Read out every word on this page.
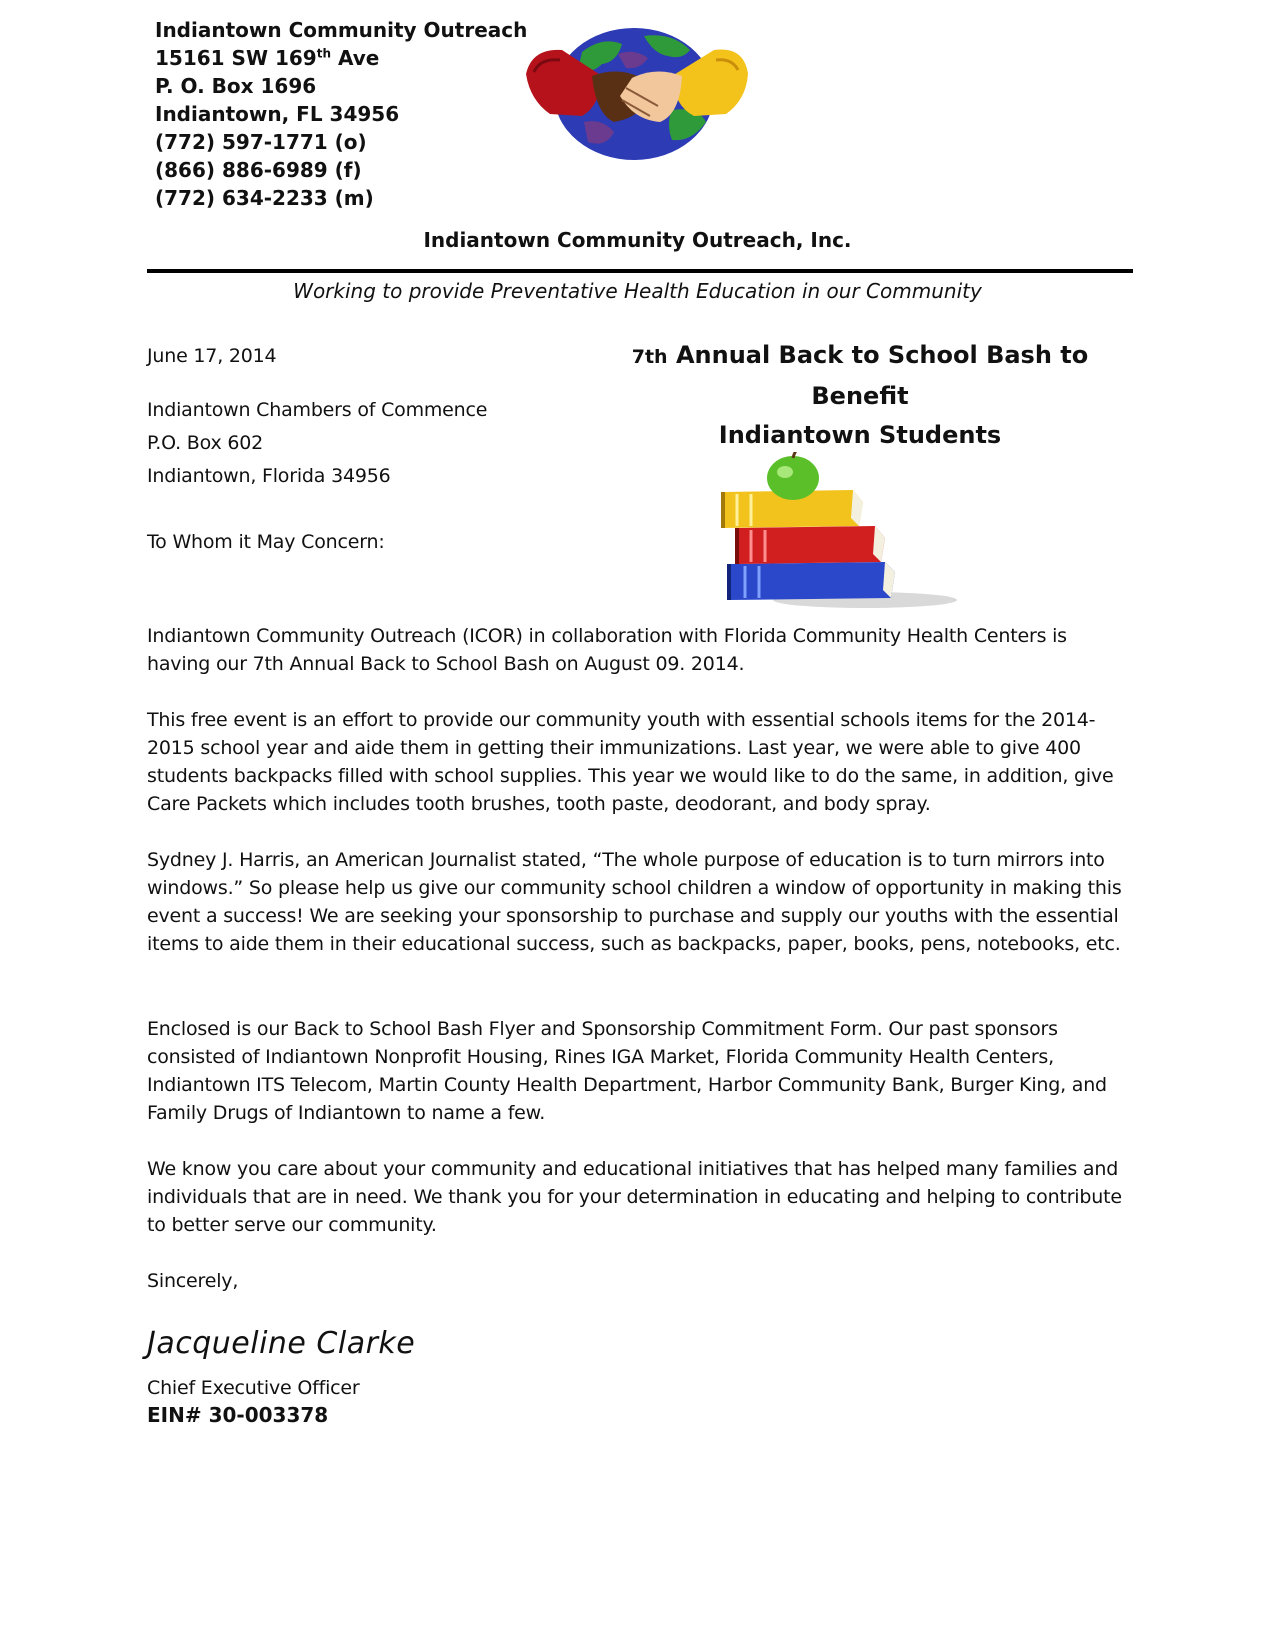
Indiantown Community Outreach
15161 SW 169th Ave
P. O. Box 1696
Indiantown, FL 34956
(772) 597-1771 (o)
(866) 886-6989 (f)
(772) 634-2233 (m)
Indiantown Community Outreach, Inc.
Working to provide Preventative Health Education in our Community
June 17, 2014
Indiantown Chambers of Commence
P.O. Box 602
Indiantown, Florida 34956
To Whom it May Concern:
7th Annual Back to School Bash to Benefit
Indiantown Students
Indiantown Community Outreach (ICOR) in collaboration with Florida Community Health Centers is having our 7th Annual Back to School Bash on August 09. 2014.
This free event is an effort to provide our community youth with essential schools items for the 2014-2015 school year and aide them in getting their immunizations. Last year, we were able to give 400 students backpacks filled with school supplies. This year we would like to do the same, in addition, give Care Packets which includes tooth brushes, tooth paste, deodorant, and body spray.
Sydney J. Harris, an American Journalist stated, “The whole purpose of education is to turn mirrors into windows.” So please help us give our community school children a window of opportunity in making this event a success! We are seeking your sponsorship to purchase and supply our youths with the essential items to aide them in their educational success, such as backpacks, paper, books, pens, notebooks, etc.
Enclosed is our Back to School Bash Flyer and Sponsorship Commitment Form. Our past sponsors consisted of Indiantown Nonprofit Housing, Rines IGA Market, Florida Community Health Centers, Indiantown ITS Telecom, Martin County Health Department, Harbor Community Bank, Burger King, and Family Drugs of Indiantown to name a few.
We know you care about your community and educational initiatives that has helped many families and individuals that are in need. We thank you for your determination in educating and helping to contribute to better serve our community.
Sincerely,
Jacqueline Clarke
Chief Executive Officer
EIN# 30-003378
